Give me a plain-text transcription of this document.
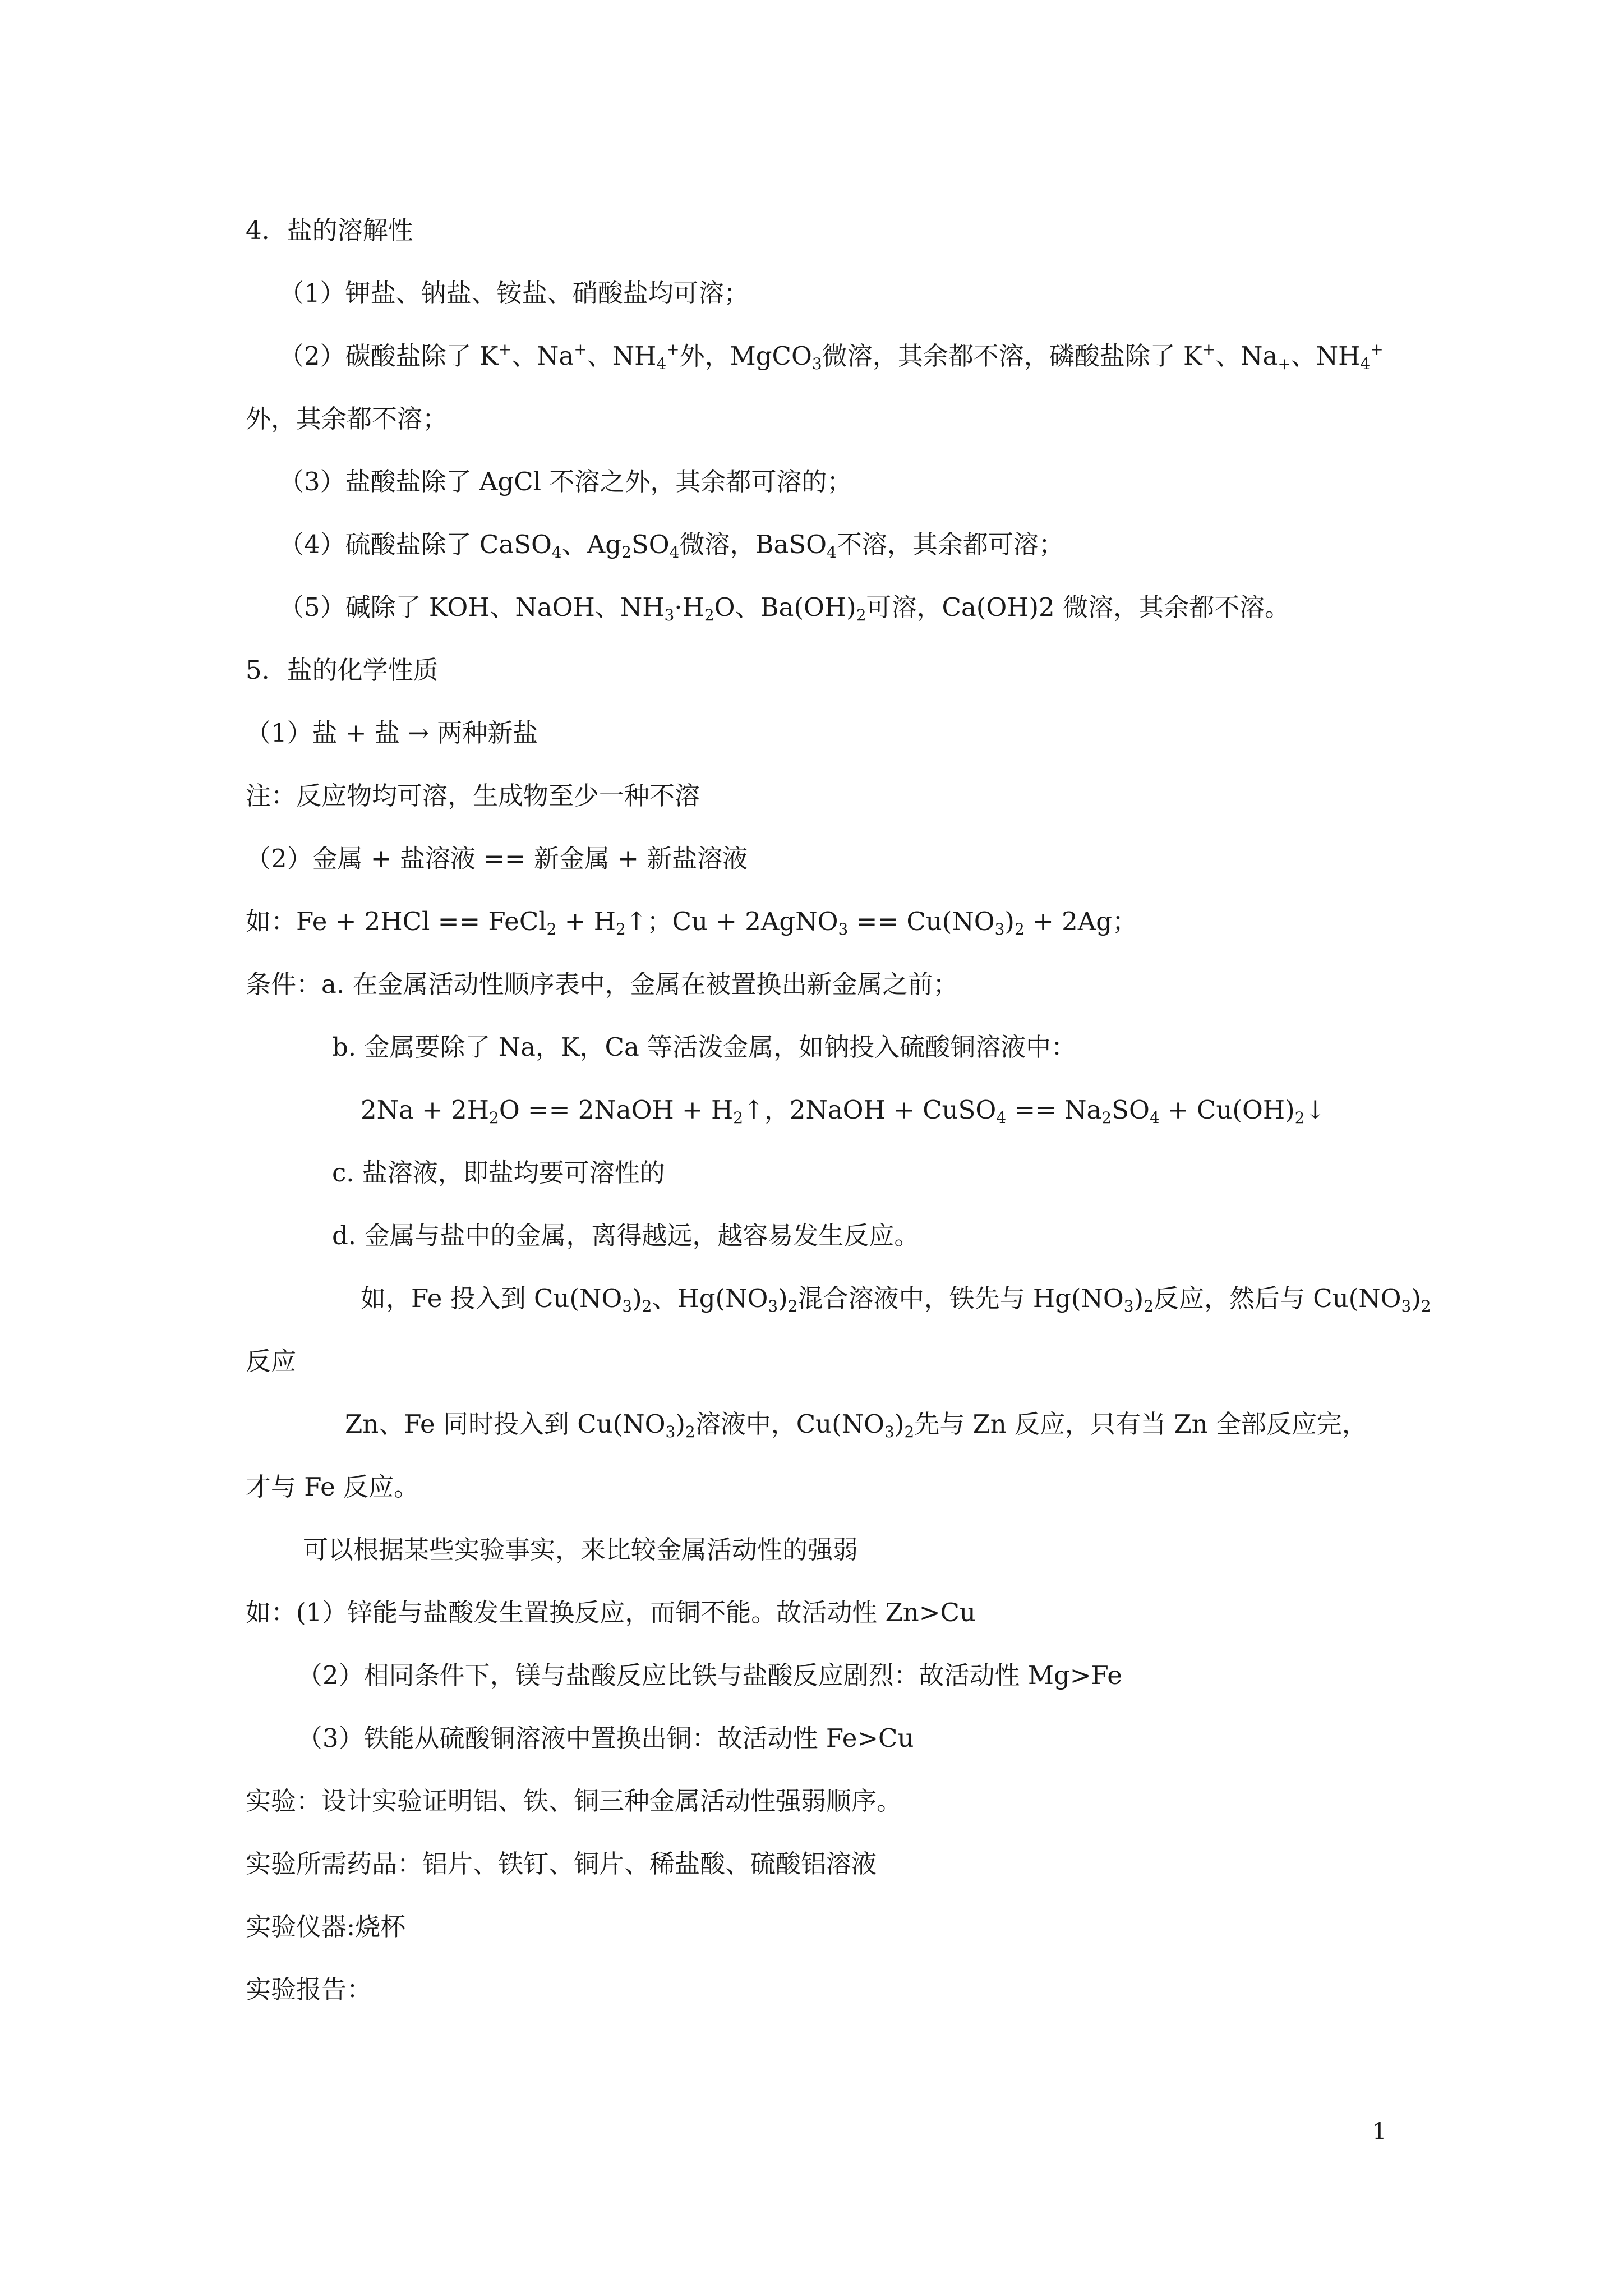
4．盐的溶解性
（1）钾盐、钠盐、铵盐、硝酸盐均可溶；
（2）碳酸盐除了 K+、Na+、$NH_4^+$外，MgCO$_3$微溶，其余都不溶，磷酸盐除了 K+、$Na_+$、$NH_4^+$
外，其余都不溶；
（3）盐酸盐除了 AgCl 不溶之外，其余都可溶的；
（4）硫酸盐除了 CaSO$_4$、$Ag_2SO_4$微溶，BaSO$_4$不溶，其余都可溶；
（5）碱除了 KOH、NaOH、$NH_3\cdot H_2O$、$Ba(OH)_2$可溶，Ca(OH)2 微溶，其余都不溶。
5．盐的化学性质
（1）盐 + 盐 → 两种新盐
注：反应物均可溶，生成物至少一种不溶
（2）金属 + 盐溶液 == 新金属 + 新盐溶液
如：Fe + 2HCl == FeCl$_2$ + $H_2↑$；Cu + 2AgNO$_3$ == $Cu(NO_3)_2 + 2Ag$；
条件：a. 在金属活动性顺序表中，金属在被置换出新金属之前；
b. 金属要除了 Na，K，Ca 等活泼金属，如钠投入硫酸铜溶液中：
$2Na + 2H_2O$ == 2NaOH + $H_2↑$，2NaOH + CuSO$_4$ == $Na_2SO_4$ + $Cu(OH)_2↓$
c. 盐溶液，即盐均要可溶性的
d. 金属与盐中的金属，离得越远，越容易发生反应。
如，Fe 投入到 $Cu(NO_3)_2$、$Hg(NO_3)_2$混合溶液中，铁先与 $Hg(NO_3)_2$反应，然后与 $Cu(NO_3)_2$
反应
Zn、Fe 同时投入到 $Cu(NO_3)_2$溶液中，$Cu(NO_3)_2$先与 Zn 反应，只有当 Zn 全部反应完，
才与 Fe 反应。
可以根据某些实验事实，来比较金属活动性的强弱
如：(1）锌能与盐酸发生置换反应，而铜不能。故活动性 Zn>Cu
（2）相同条件下，镁与盐酸反应比铁与盐酸反应剧烈：故活动性 Mg>Fe
（3）铁能从硫酸铜溶液中置换出铜：故活动性 Fe>Cu
实验：设计实验证明铝、铁、铜三种金属活动性强弱顺序。
实验所需药品：铝片、铁钉、铜片、稀盐酸、硫酸铝溶液
实验仪器:烧杯
实验报告：
1
